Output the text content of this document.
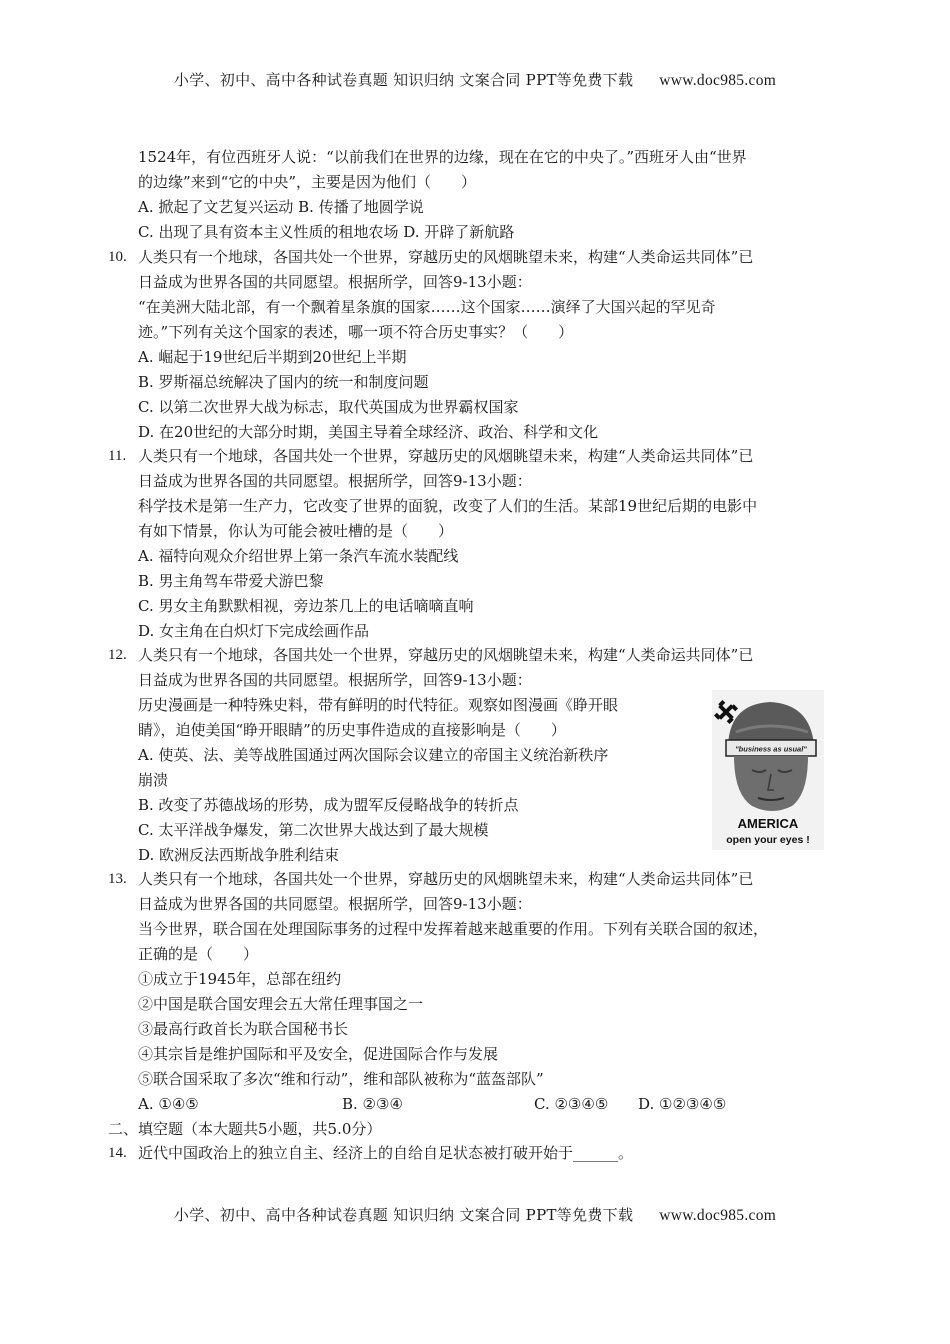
小学、初中、高中各种试卷真题 知识归纳 文案合同 PPT等免费下载 www.doc985.com
1524年，有位西班牙人说：“以前我们在世界的边缘，现在在它的中央了。”西班牙人由“世界
的边缘”来到“它的中央”，主要是因为他们（　　）
A. 掀起了文艺复兴运动 B. 传播了地圆学说
C. 出现了具有资本主义性质的租地农场 D. 开辟了新航路
10. 人类只有一个地球，各国共处一个世界，穿越历史的风烟眺望未来，构建“人类命运共同体”已
日益成为世界各国的共同愿望。根据所学，回答9-13小题：
“在美洲大陆北部，有一个飘着星条旗的国家……这个国家……演绎了大国兴起的罕见奇
迹。”下列有关这个国家的表述，哪一项不符合历史事实？（　　）
A. 崛起于19世纪后半期到20世纪上半期
B. 罗斯福总统解决了国内的统一和制度问题
C. 以第二次世界大战为标志，取代英国成为世界霸权国家
D. 在20世纪的大部分时期，美国主导着全球经济、政治、科学和文化
11. 人类只有一个地球，各国共处一个世界，穿越历史的风烟眺望未来，构建“人类命运共同体”已
日益成为世界各国的共同愿望。根据所学，回答9-13小题：
科学技术是第一生产力，它改变了世界的面貌，改变了人们的生活。某部19世纪后期的电影中
有如下情景，你认为可能会被吐槽的是（　　）
A. 福特向观众介绍世界上第一条汽车流水装配线
B. 男主角驾车带爱犬游巴黎
C. 男女主角默默相视，旁边茶几上的电话嘀嘀直响
D. 女主角在白炽灯下完成绘画作品
12. 人类只有一个地球，各国共处一个世界，穿越历史的风烟眺望未来，构建“人类命运共同体”已
日益成为世界各国的共同愿望。根据所学，回答9-13小题：
历史漫画是一种特殊史料，带有鲜明的时代特征。观察如图漫画《睁开眼
睛》，迫使美国“睁开眼睛”的历史事件造成的直接影响是（　　）
A. 使英、法、美等战胜国通过两次国际会议建立的帝国主义统治新秩序
崩溃
B. 改变了苏德战场的形势，成为盟军反侵略战争的转折点
C. 太平洋战争爆发，第二次世界大战达到了最大规模
D. 欧洲反法西斯战争胜利结束
"business as usual"
AMERICA
open your eyes !
13. 人类只有一个地球，各国共处一个世界，穿越历史的风烟眺望未来，构建“人类命运共同体”已
日益成为世界各国的共同愿望。根据所学，回答9-13小题：
当今世界，联合国在处理国际事务的过程中发挥着越来越重要的作用。下列有关联合国的叙述，
正确的是（　　）
①成立于1945年，总部在纽约
②中国是联合国安理会五大常任理事国之一
③最高行政首长为联合国秘书长
④其宗旨是维护国际和平及安全，促进国际合作与发展
⑤联合国采取了多次“维和行动”，维和部队被称为“蓝盔部队”
A. ①④⑤	B. ②③④	C. ②③④⑤ D. ①②③④⑤
二、填空题（本大题共5小题，共5.0分）
14. 近代中国政治上的独立自主、经济上的自给自足状态被打破开始于______。
小学、初中、高中各种试卷真题 知识归纳 文案合同 PPT等免费下载 www.doc985.com
